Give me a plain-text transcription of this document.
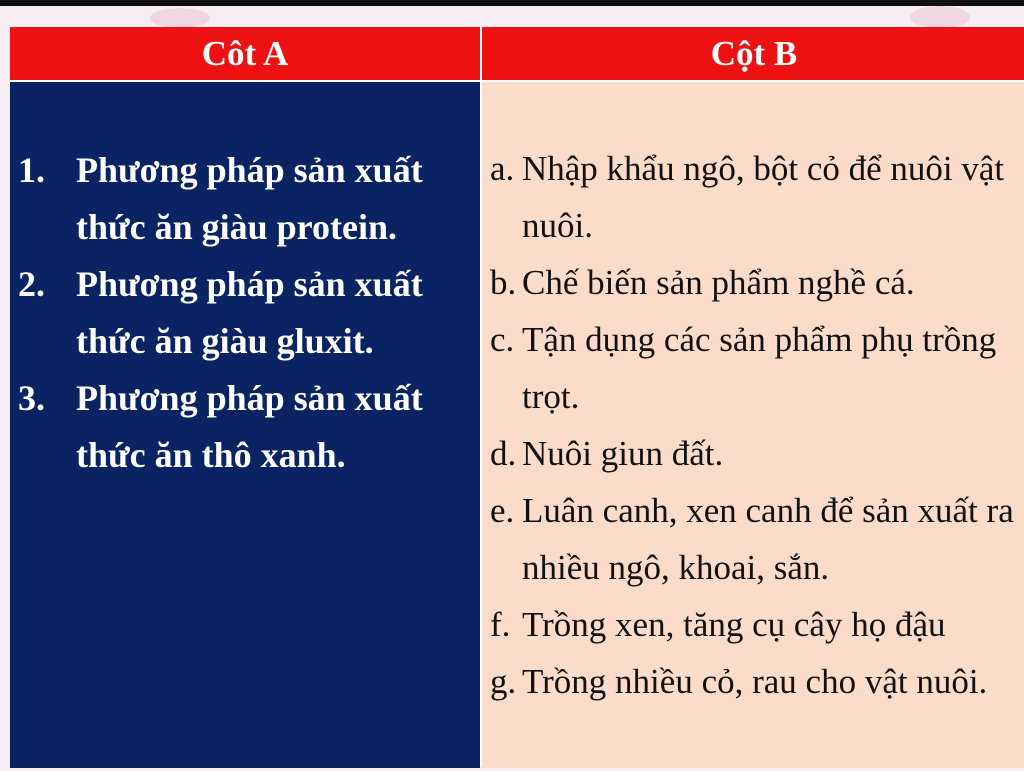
Côt A	Cột B
1. Phương pháp sản xuất thức ăn giàu protein.
2. Phương pháp sản xuất thức ăn giàu gluxit.
3. Phương pháp sản xuất thức ăn thô xanh.
a. Nhập khẩu ngô, bột cỏ để nuôi vật nuôi.
b. Chế biến sản phẩm nghề cá.
c. Tận dụng các sản phẩm phụ trồng trọt.
d. Nuôi giun đất.
e. Luân canh, xen canh để sản xuất ra nhiều ngô, khoai, sắn.
f. Trồng xen, tăng cụ cây họ đậu
g. Trồng nhiều cỏ, rau cho vật nuôi.
